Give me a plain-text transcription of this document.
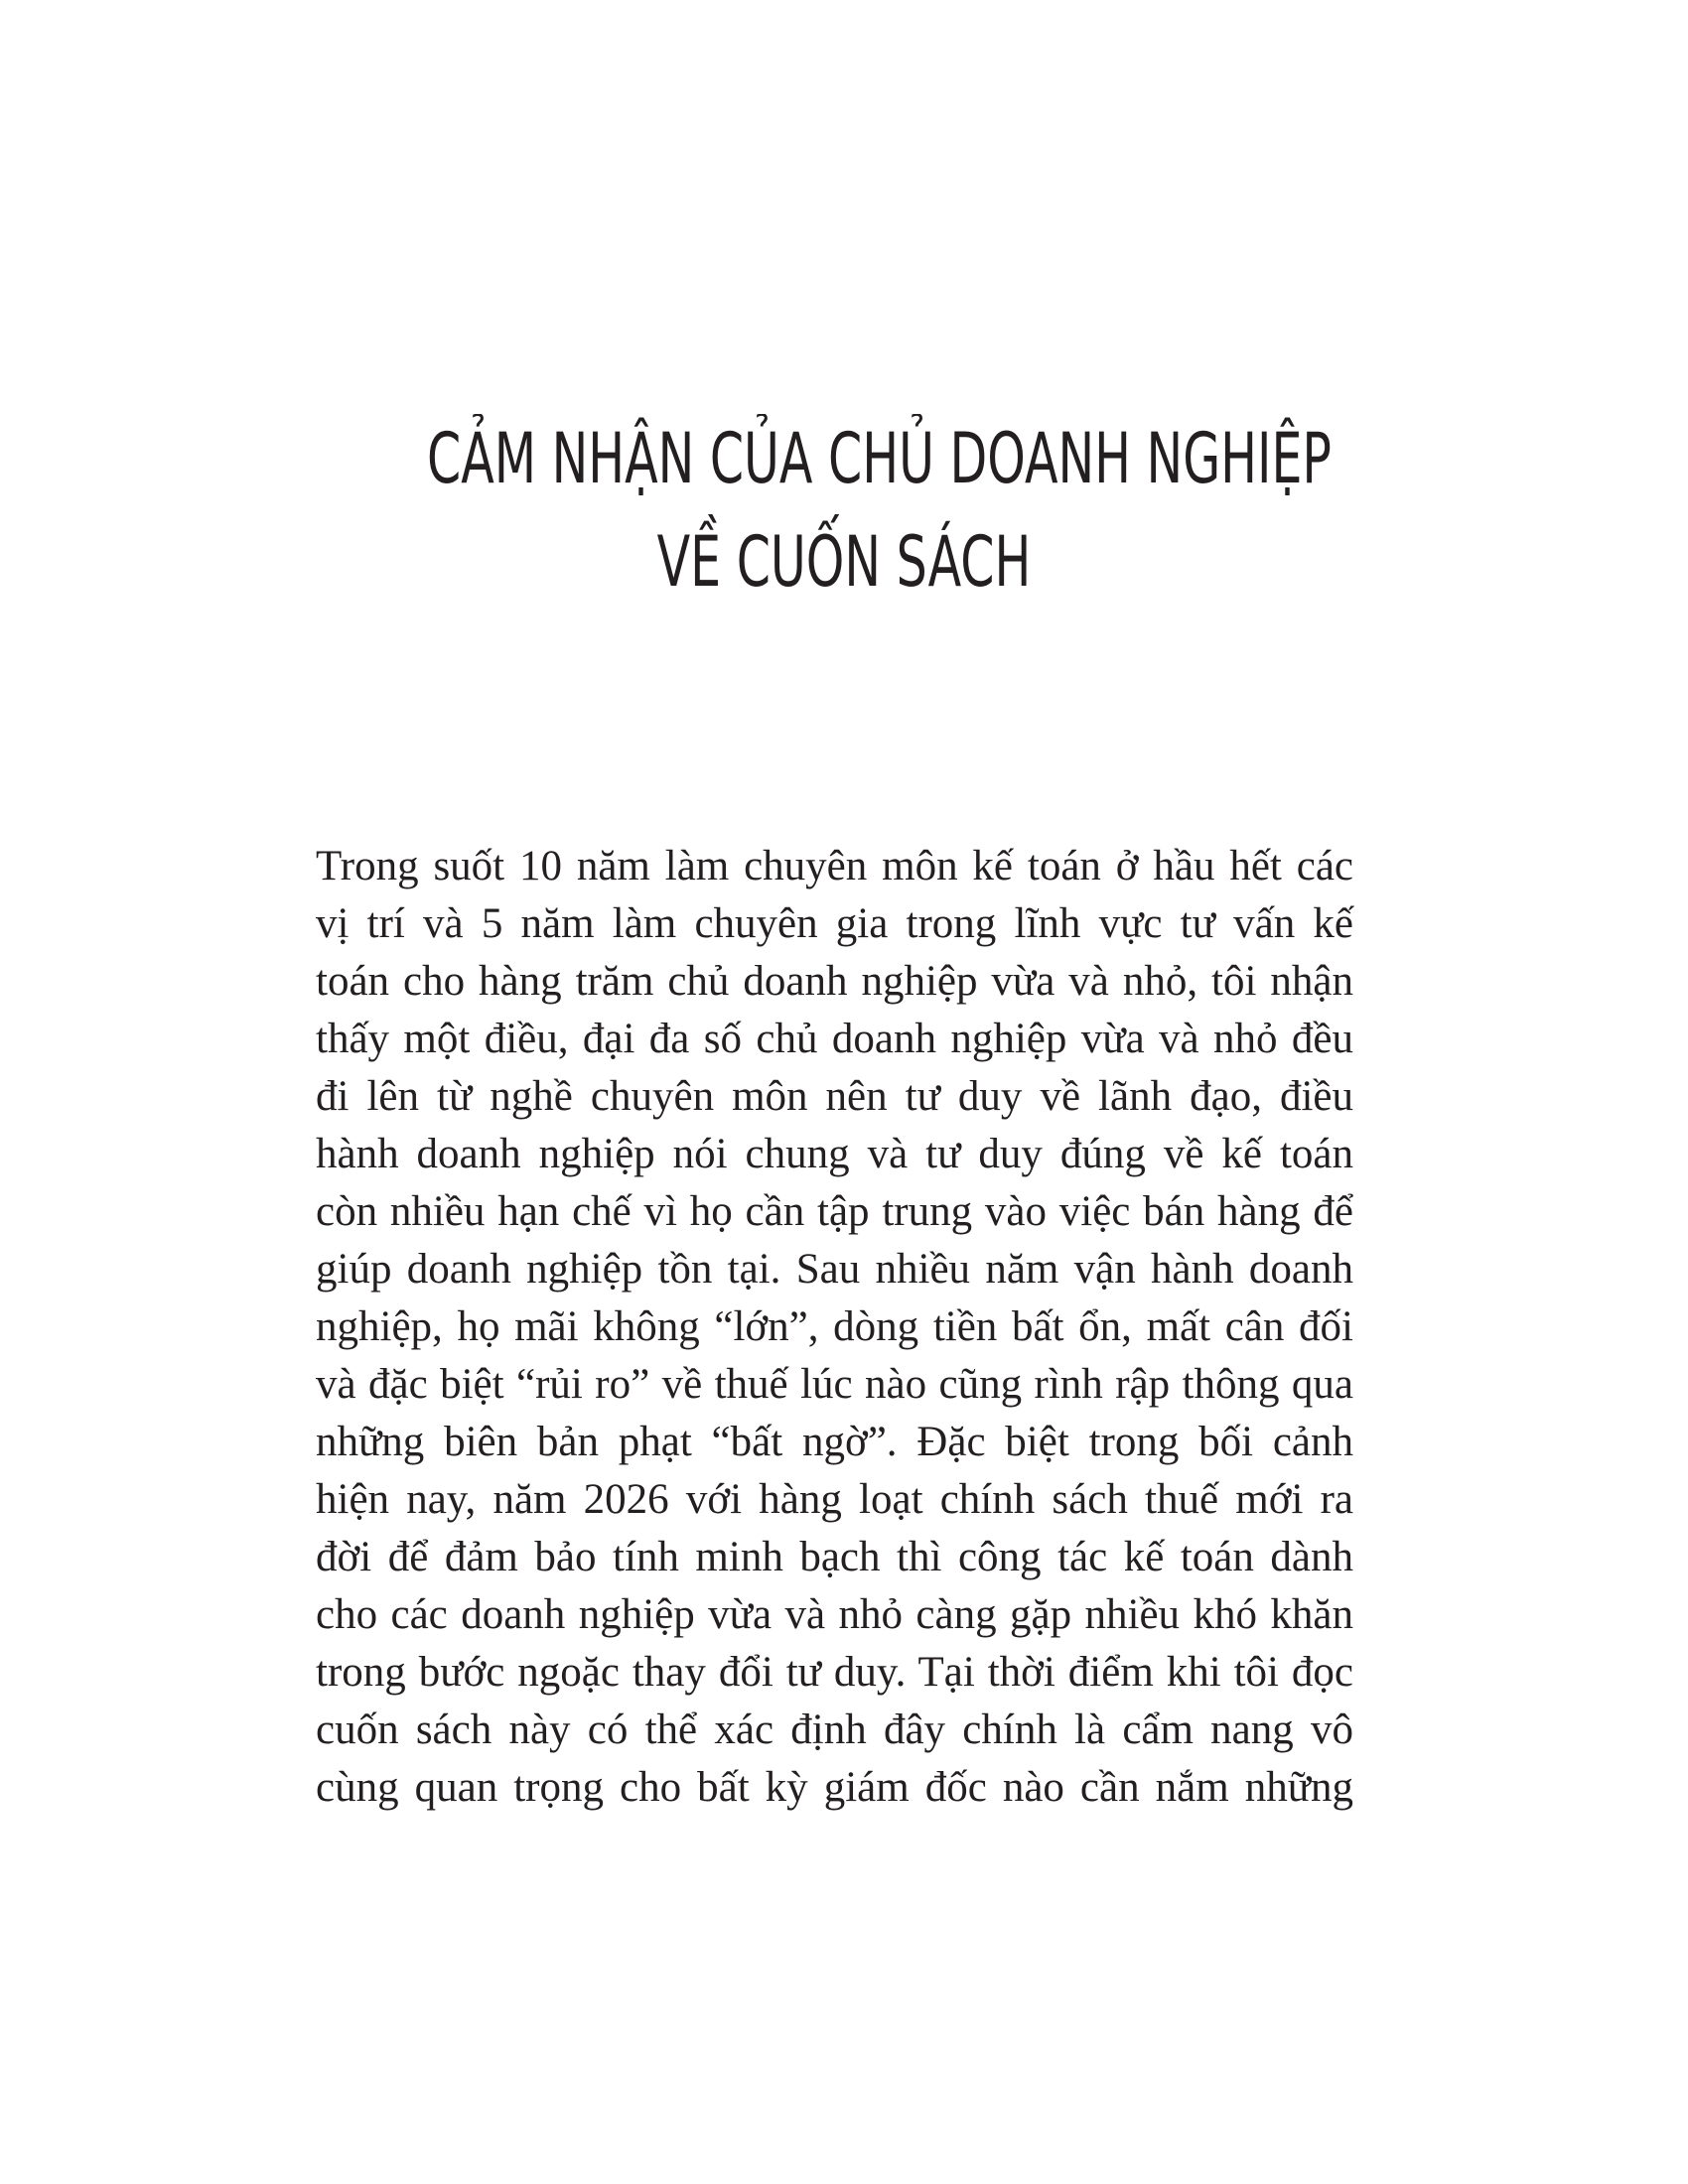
CẢM NHẬN CỦA CHỦ DOANH NGHIỆP
VỀ CUỐN SÁCH
Trong suốt 10 năm làm chuyên môn kế toán ở hầu hết các
vị trí và 5 năm làm chuyên gia trong lĩnh vực tư vấn kế
toán cho hàng trăm chủ doanh nghiệp vừa và nhỏ, tôi nhận
thấy một điều, đại đa số chủ doanh nghiệp vừa và nhỏ đều
đi lên từ nghề chuyên môn nên tư duy về lãnh đạo, điều
hành doanh nghiệp nói chung và tư duy đúng về kế toán
còn nhiều hạn chế vì họ cần tập trung vào việc bán hàng để
giúp doanh nghiệp tồn tại. Sau nhiều năm vận hành doanh
nghiệp, họ mãi không “lớn”, dòng tiền bất ổn, mất cân đối
và đặc biệt “rủi ro” về thuế lúc nào cũng rình rập thông qua
những biên bản phạt “bất ngờ”. Đặc biệt trong bối cảnh
hiện nay, năm 2026 với hàng loạt chính sách thuế mới ra
đời để đảm bảo tính minh bạch thì công tác kế toán dành
cho các doanh nghiệp vừa và nhỏ càng gặp nhiều khó khăn
trong bước ngoặc thay đổi tư duy. Tại thời điểm khi tôi đọc
cuốn sách này có thể xác định đây chính là cẩm nang vô
cùng quan trọng cho bất kỳ giám đốc nào cần nắm những
